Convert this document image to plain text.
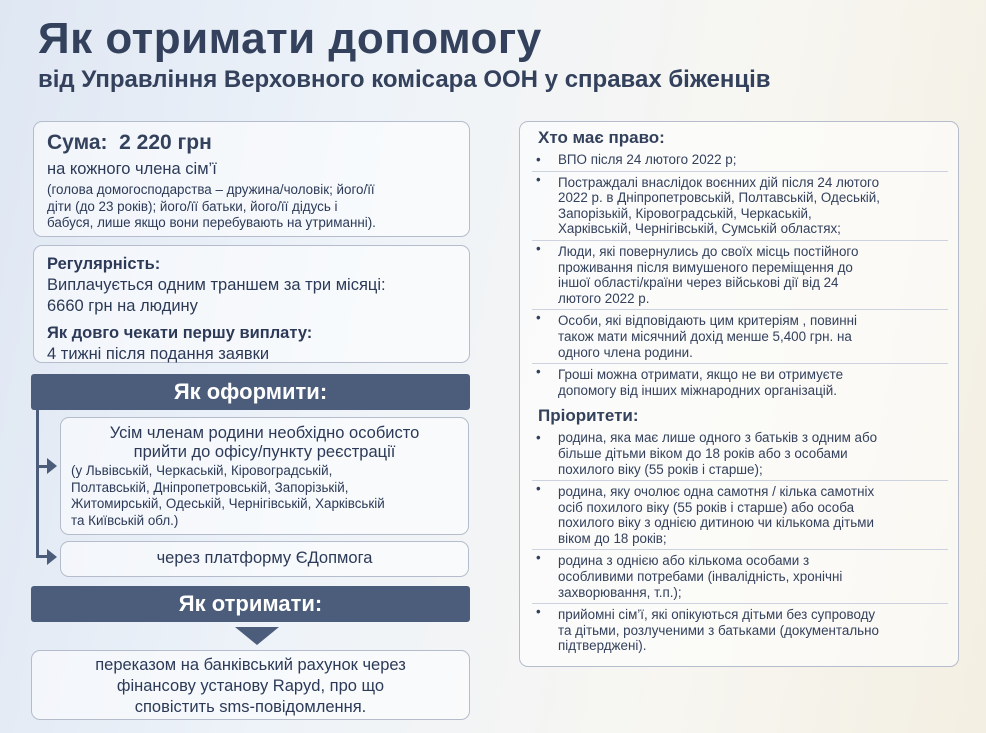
Як отримати допомогу
від Управління Верховного комісара ООН у справах біженців
Сума:  2 220 грн
на кожного члена сім’ї
(голова домогосподарства – дружина/чоловік; його/її
діти (до 23 років); його/її батьки, його/її дідусь і
бабуся, лише якщо вони перебувають на утриманні).
Регулярність:
Виплачується одним траншем за три місяці:
6660 грн на людину
Як довго чекати першу виплату:
4 тижні після подання заявки
Як оформити:
Усім членам родини необхідно особисто
прийти до офісу/пункту реєстрації
(у Львівській, Черкаській, Кіровоградській,
Полтавській, Дніпропетровській, Запорізькій,
Житомирській, Одеській, Чернігівській, Харківській
та Київській обл.)
через платформу ЄДопмога
Як отримати:
переказом на банківський рахунок через
фінансову установу Rapyd, про що
сповістить sms-повідомлення.
Хто має право:
• ВПО після 24 лютого 2022 р;
• Постраждалі внаслідок воєнних дій після 24 лютого
2022 р. в Дніпропетровській, Полтавській, Одеській,
Запорізькій, Кіровоградській, Черкаській,
Харківській, Чернігівській, Сумській областях;
• Люди, які повернулись до своїх місць постійного
проживання після вимушеного переміщення до
іншої області/країни через військові дії від 24
лютого 2022 р.
• Особи, які відповідають цим критеріям , повинні
також мати місячний дохід менше 5,400 грн. на
одного члена родини.
• Гроші можна отримати, якщо не ви отримуєте
допомогу від інших міжнародних організацій.
Пріоритети:
• родина, яка має лише одного з батьків з одним або
більше дітьми віком до 18 років або з особами
похилого віку (55 років і старше);
• родина, яку очолює одна самотня / кілька самотніх
осіб похилого віку (55 років і старше) або особа
похилого віку з однією дитиною чи кількома дітьми
віком до 18 років;
• родина з однією або кількома особами з
особливими потребами (інвалідність, хронічні
захворювання, т.п.);
• прийомні сім’ї, які опікуються дітьми без супроводу
та дітьми, розлученими з батьками (документально
підтверджені).
